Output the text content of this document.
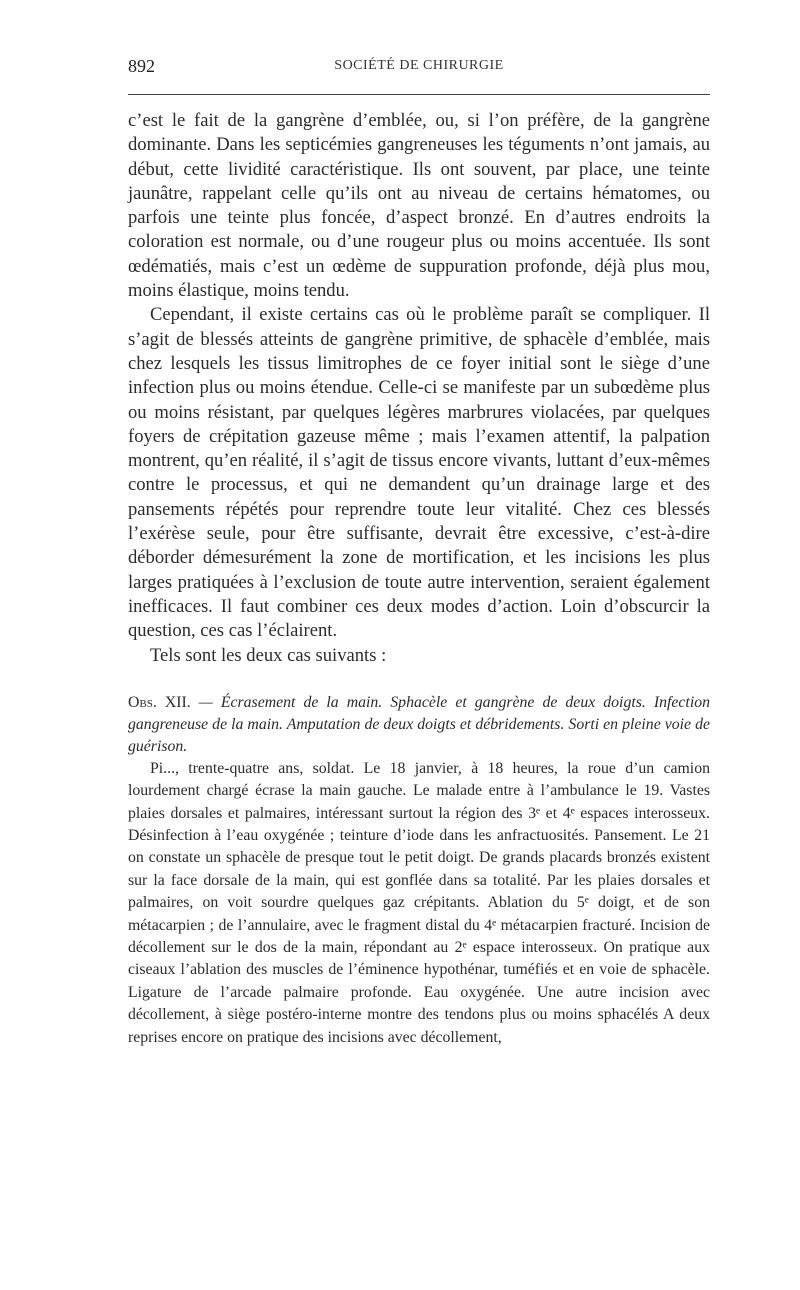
892	SOCIÉTÉ DE CHIRURGIE

c’est le fait de la gangrène d’emblée, ou, si l’on préfère, de la gangrène dominante. Dans les septicémies gangreneuses les téguments n’ont jamais, au début, cette lividité caractéristique. Ils ont souvent, par place, une teinte jaunâtre, rappelant celle qu’ils ont au niveau de certains hématomes, ou parfois une teinte plus foncée, d’aspect bronzé. En d’autres endroits la coloration est normale, ou d’une rougeur plus ou moins accentuée. Ils sont œdématiés, mais c’est un œdème de suppuration profonde, déjà plus mou, moins élastique, moins tendu.

Cependant, il existe certains cas où le problème paraît se compliquer. Il s’agit de blessés atteints de gangrène primitive, de sphacèle d’emblée, mais chez lesquels les tissus limitrophes de ce foyer initial sont le siège d’une infection plus ou moins étendue. Celle-ci se manifeste par un subœdème plus ou moins résistant, par quelques légères marbrures violacées, par quelques foyers de crépitation gazeuse même ; mais l’examen attentif, la palpation montrent, qu’en réalité, il s’agit de tissus encore vivants, luttant d’eux-mêmes contre le processus, et qui ne demandent qu’un drainage large et des pansements répétés pour reprendre toute leur vitalité. Chez ces blessés l’exérèse seule, pour être suffisante, devrait être excessive, c’est-à-dire déborder démesurément la zone de mortification, et les incisions les plus larges pratiquées à l’exclusion de toute autre intervention, seraient également inefficaces. Il faut combiner ces deux modes d’action. Loin d’obscurcir la question, ces cas l’éclairent.

Tels sont les deux cas suivants :

Obs. XII. — Écrasement de la main. Sphacèle et gangrène de deux doigts. Infection gangreneuse de la main. Amputation de deux doigts et débridements. Sorti en pleine voie de guérison.

Pi..., trente-quatre ans, soldat. Le 18 janvier, à 18 heures, la roue d’un camion lourdement chargé écrase la main gauche. Le malade entre à l’ambulance le 19. Vastes plaies dorsales et palmaires, intéressant surtout la région des 3ᵉ et 4ᵉ espaces interosseux. Désinfection à l’eau oxygénée ; teinture d’iode dans les anfractuosités. Pansement. Le 21 on constate un sphacèle de presque tout le petit doigt. De grands placards bronzés existent sur la face dorsale de la main, qui est gonflée dans sa totalité. Par les plaies dorsales et palmaires, on voit sourdre quelques gaz crépitants. Ablation du 5ᵉ doigt, et de son métacarpien ; de l’annulaire, avec le fragment distal du 4ᵉ métacarpien fracturé. Incision de décollement sur le dos de la main, répondant au 2ᵉ espace interosseux. On pratique aux ciseaux l’ablation des muscles de l’éminence hypothénar, tuméfiés et en voie de sphacèle. Ligature de l’arcade palmaire profonde. Eau oxygénée. Une autre incision avec décollement, à siège postéro-interne montre des tendons plus ou moins sphacélés A deux reprises encore on pratique des incisions avec décollement,
